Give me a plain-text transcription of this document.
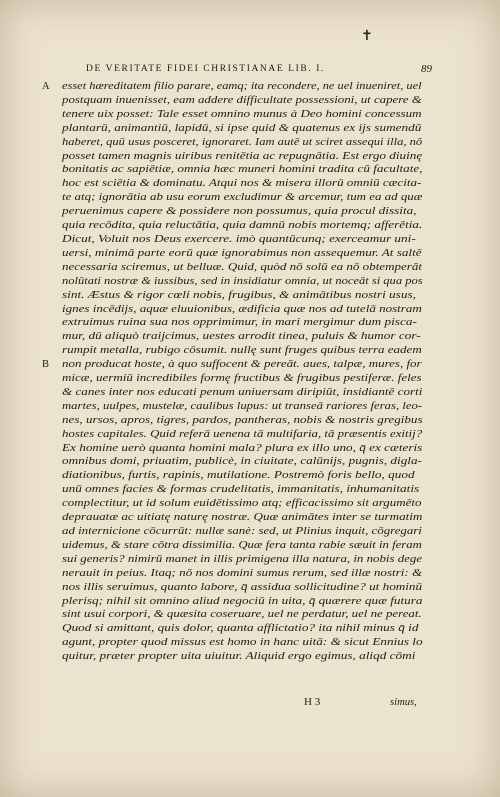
✝
DE VERITATE FIDEI CHRISTIANAE LIB. I.	89
A esset hæreditatem filio parare, eamq; ita recondere, ne uel inueniret, uel
postquam inuenisset, eam addere difficultate possessioni, ut capere &
tenere uix posset: Tale esset omnino munus à Deo homini concessum
plantarū, animantiū, lapidū, si ipse quid & quatenus ex ijs sumendū
haberet, quū usus posceret, ignoraret. Iam autē ut sciret assequi illa, nō
posset tamen magnis uiribus renitētia ac repugnātia. Est ergo diuinę
bonitatis ac sapiētiæ, omnia hæc muneri homini tradita cū facultate,
hoc est sciētia & dominatu. Atqui nos & misera illorū omniū cæcita-
te atq; ignorātia ab usu eorum excludimur & arcemur, tum ea ad quæ
peruenimus capere & possidere non possumus, quia procul dissita,
quia recōdita, quia reluctātia, quia damnū nobis mortemq; afferētia.
Dicut, Voluit nos Deus exercere. imò quantūcunq; exerceamur uni-
uersi, minimā parte eorū quæ ignorabimus non assequemur. At saltē
necessaria sciremus, ut belluæ. Quid, quòd nō solū ea nō obtemperāt
nolūtati nostræ & iussibus, sed in insidiatur omnia, ut noceāt si qua pos
sint. Æstus & rigor cœli nobis, frugibus, & animātibus nostri usus,
ignes incēdijs, aquæ eluuionibus, ædificia quæ nos ad tutelā nostram
extruimus ruina sua nos opprimimur, in mari mergimur dum pisca-
mur, dū aliquò traijcimus, uestes arrodit tinea, puluis & humor cor-
rumpit metalla, rubigo cōsumit. nullę sunt fruges quibus terra eadem
B non producat hoste, à quo suffocent & pereāt. aues, talpæ, mures, for
micæ, uermiū incredibiles formę fructibus & frugibus pestiferæ. feles
& canes inter nos educati penum uniuersam diripiūt, insidiantē corti
martes, uulpes, mustelæ, caulibus lupus: ut transeā rariores feras, leo-
nes, ursos, apros, tigres, pardos, pantheras, nobis & nostris gregibus
hostes capitales. Quid referā uenena tā multifaria, tā præsentis exitij?
Ex homine uerò quanta homini mala? plura ex illo uno, q̄ ex cæteris
omnibus domi, priuatim, publicè, in ciuitate, calūnijs, pugnis, digla-
diationibus, furtis, rapinis, mutilatione. Postremò foris bello, quod
unū omnes facies & formas crudelitatis, immanitatis, inhumanitatis
complectitur, ut id solum euidētissimo atq; efficacissimo sit argumēto
deprauatæ ac uitiatę naturę nostræ. Quæ animātes inter se turmatim
ad internicione cōcurrūt: nullæ sanè: sed, ut Plinius inquit, cōgregari
uidemus, & stare cōtra dissimilia. Quæ fera tanta rabie sæuit in feram
sui generis? nimirū manet in illis primigena illa natura, in nobis dege
nerauit in peius. Itaq; nō nos domini sumus rerum, sed illæ nostri: &
nos illis seruimus, quanto labore, q̄ assidua sollicitudine? ut hominū
plerisq; nihil sit omnino aliud negociū in uita, q̄ quærere quæ futura
sint usui corpori, & quæsita coseruare, uel ne perdatur, uel ne pereat.
Quod si amittant, quis dolor, quanta afflictatio? ita nihil minus q̄ id
agunt, propter quod missus est homo in hanc uitā: & sicut Ennius lo
quitur, præter propter uita uiuitur. Aliquid ergo egimus, aliqd cōmi
H 3	simus,
